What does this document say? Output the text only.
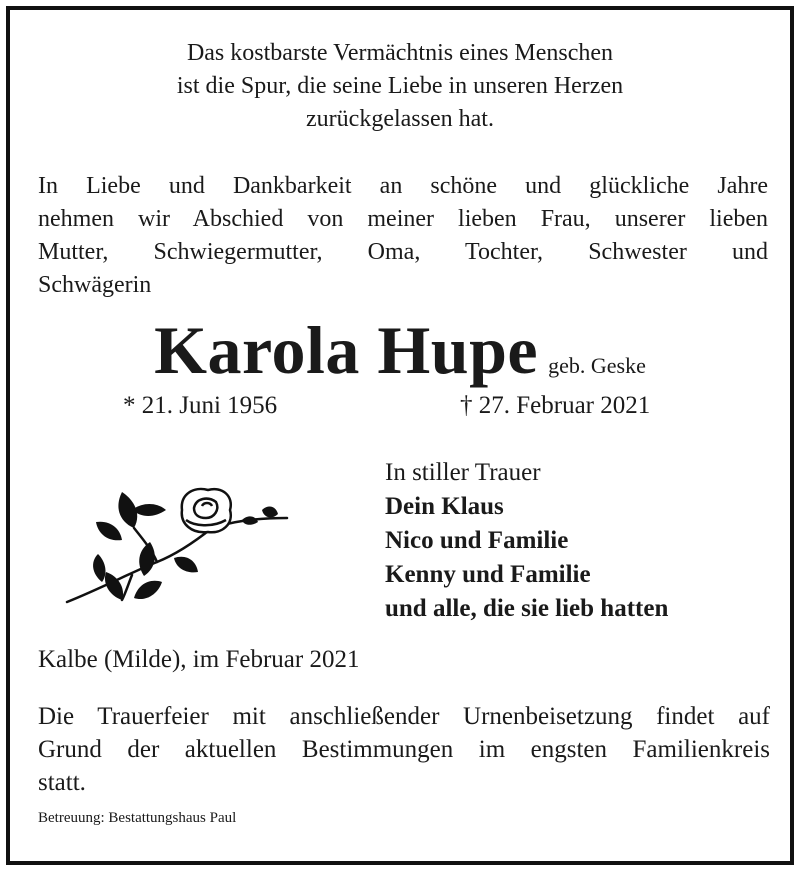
Das kostbarste Vermächtnis eines Menschen
ist die Spur, die seine Liebe in unseren Herzen
zurückgelassen hat.
In Liebe und Dankbarkeit an schöne und glückliche Jahre
nehmen wir Abschied von meiner lieben Frau, unserer lieben
Mutter, Schwiegermutter, Oma, Tochter, Schwester und
Schwägerin
Karola Hupe geb. Geske
* 21. Juni 1956	† 27. Februar 2021
In stiller Trauer
Dein Klaus
Nico und Familie
Kenny und Familie
und alle, die sie lieb hatten
Kalbe (Milde), im Februar 2021
Die Trauerfeier mit anschließender Urnenbeisetzung findet auf
Grund der aktuellen Bestimmungen im engsten Familienkreis
statt.
Betreuung: Bestattungshaus Paul
